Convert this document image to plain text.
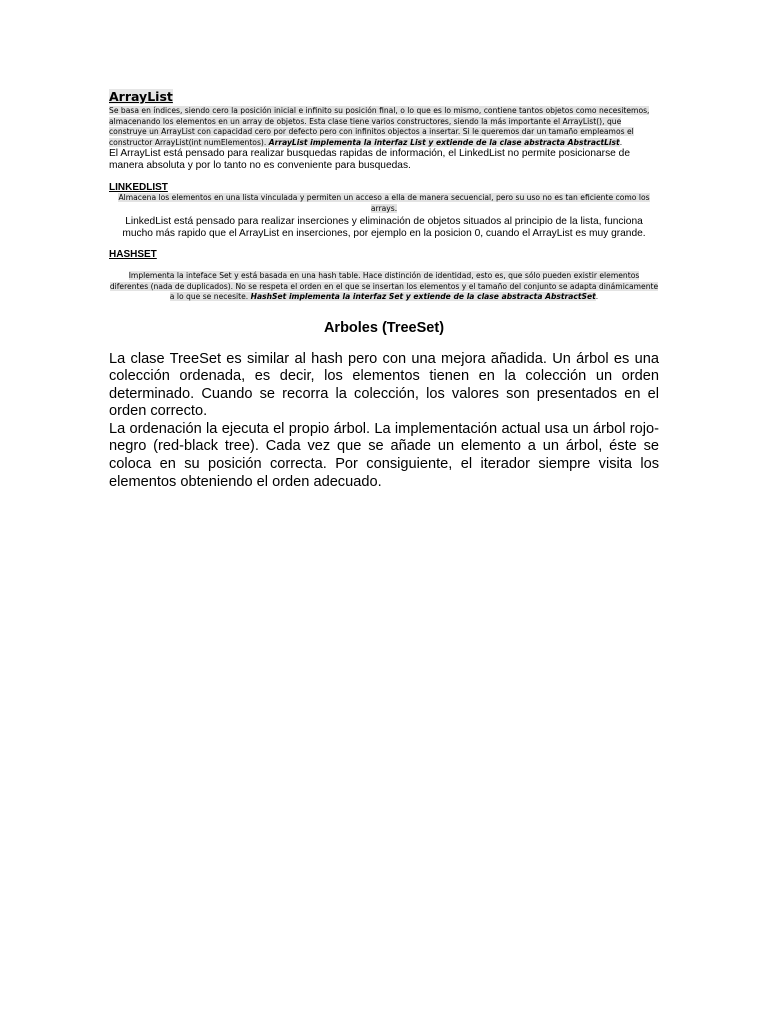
ArrayList

Se basa en índices, siendo cero la posición inicial e infinito su posición final, o lo que es lo mismo, contiene tantos objetos como necesitemos, almacenando los elementos en un array de objetos. Esta clase tiene varios constructores, siendo la más importante el ArrayList(), que construye un ArrayList con capacidad cero por defecto pero con infinitos objectos a insertar. Si le queremos dar un tamaño empleamos el constructor ArrayList(int numElementos). ArrayList implementa la interfaz List y extiende de la clase abstracta AbstractList.

El ArrayList está pensado para realizar busquedas rapidas de información, el LinkedList no permite posicionarse de manera absoluta y por lo tanto no es conveniente para busquedas.

LINKEDLIST

Almacena los elementos en una lista vinculada y permiten un acceso a ella de manera secuencial, pero su uso no es tan eficiente como los arrays.

LinkedList está pensado para realizar inserciones y eliminación de objetos situados al principio de la lista, funciona mucho más rapido que el ArrayList en inserciones, por ejemplo en la posicion 0, cuando el ArrayList es muy grande.

HASHSET

Implementa la inteface Set y está basada en una hash table. Hace distinción de identidad, esto es, que sólo pueden existir elementos diferentes (nada de duplicados). No se respeta el orden en el que se insertan los elementos y el tamaño del conjunto se adapta dinámicamente a lo que se necesite. HashSet implementa la interfaz Set y extiende de la clase abstracta AbstractSet.

Arboles (TreeSet)

La clase TreeSet es similar al hash pero con una mejora añadida. Un árbol es una colección ordenada, es decir, los elementos tienen en la colección un orden determinado. Cuando se recorra la colección, los valores son presentados en el orden correcto.

La ordenación la ejecuta el propio árbol. La implementación actual usa un árbol rojo-negro (red-black tree). Cada vez que se añade un elemento a un árbol, éste se coloca en su posición correcta. Por consiguiente, el iterador siempre visita los elementos obteniendo el orden adecuado.
